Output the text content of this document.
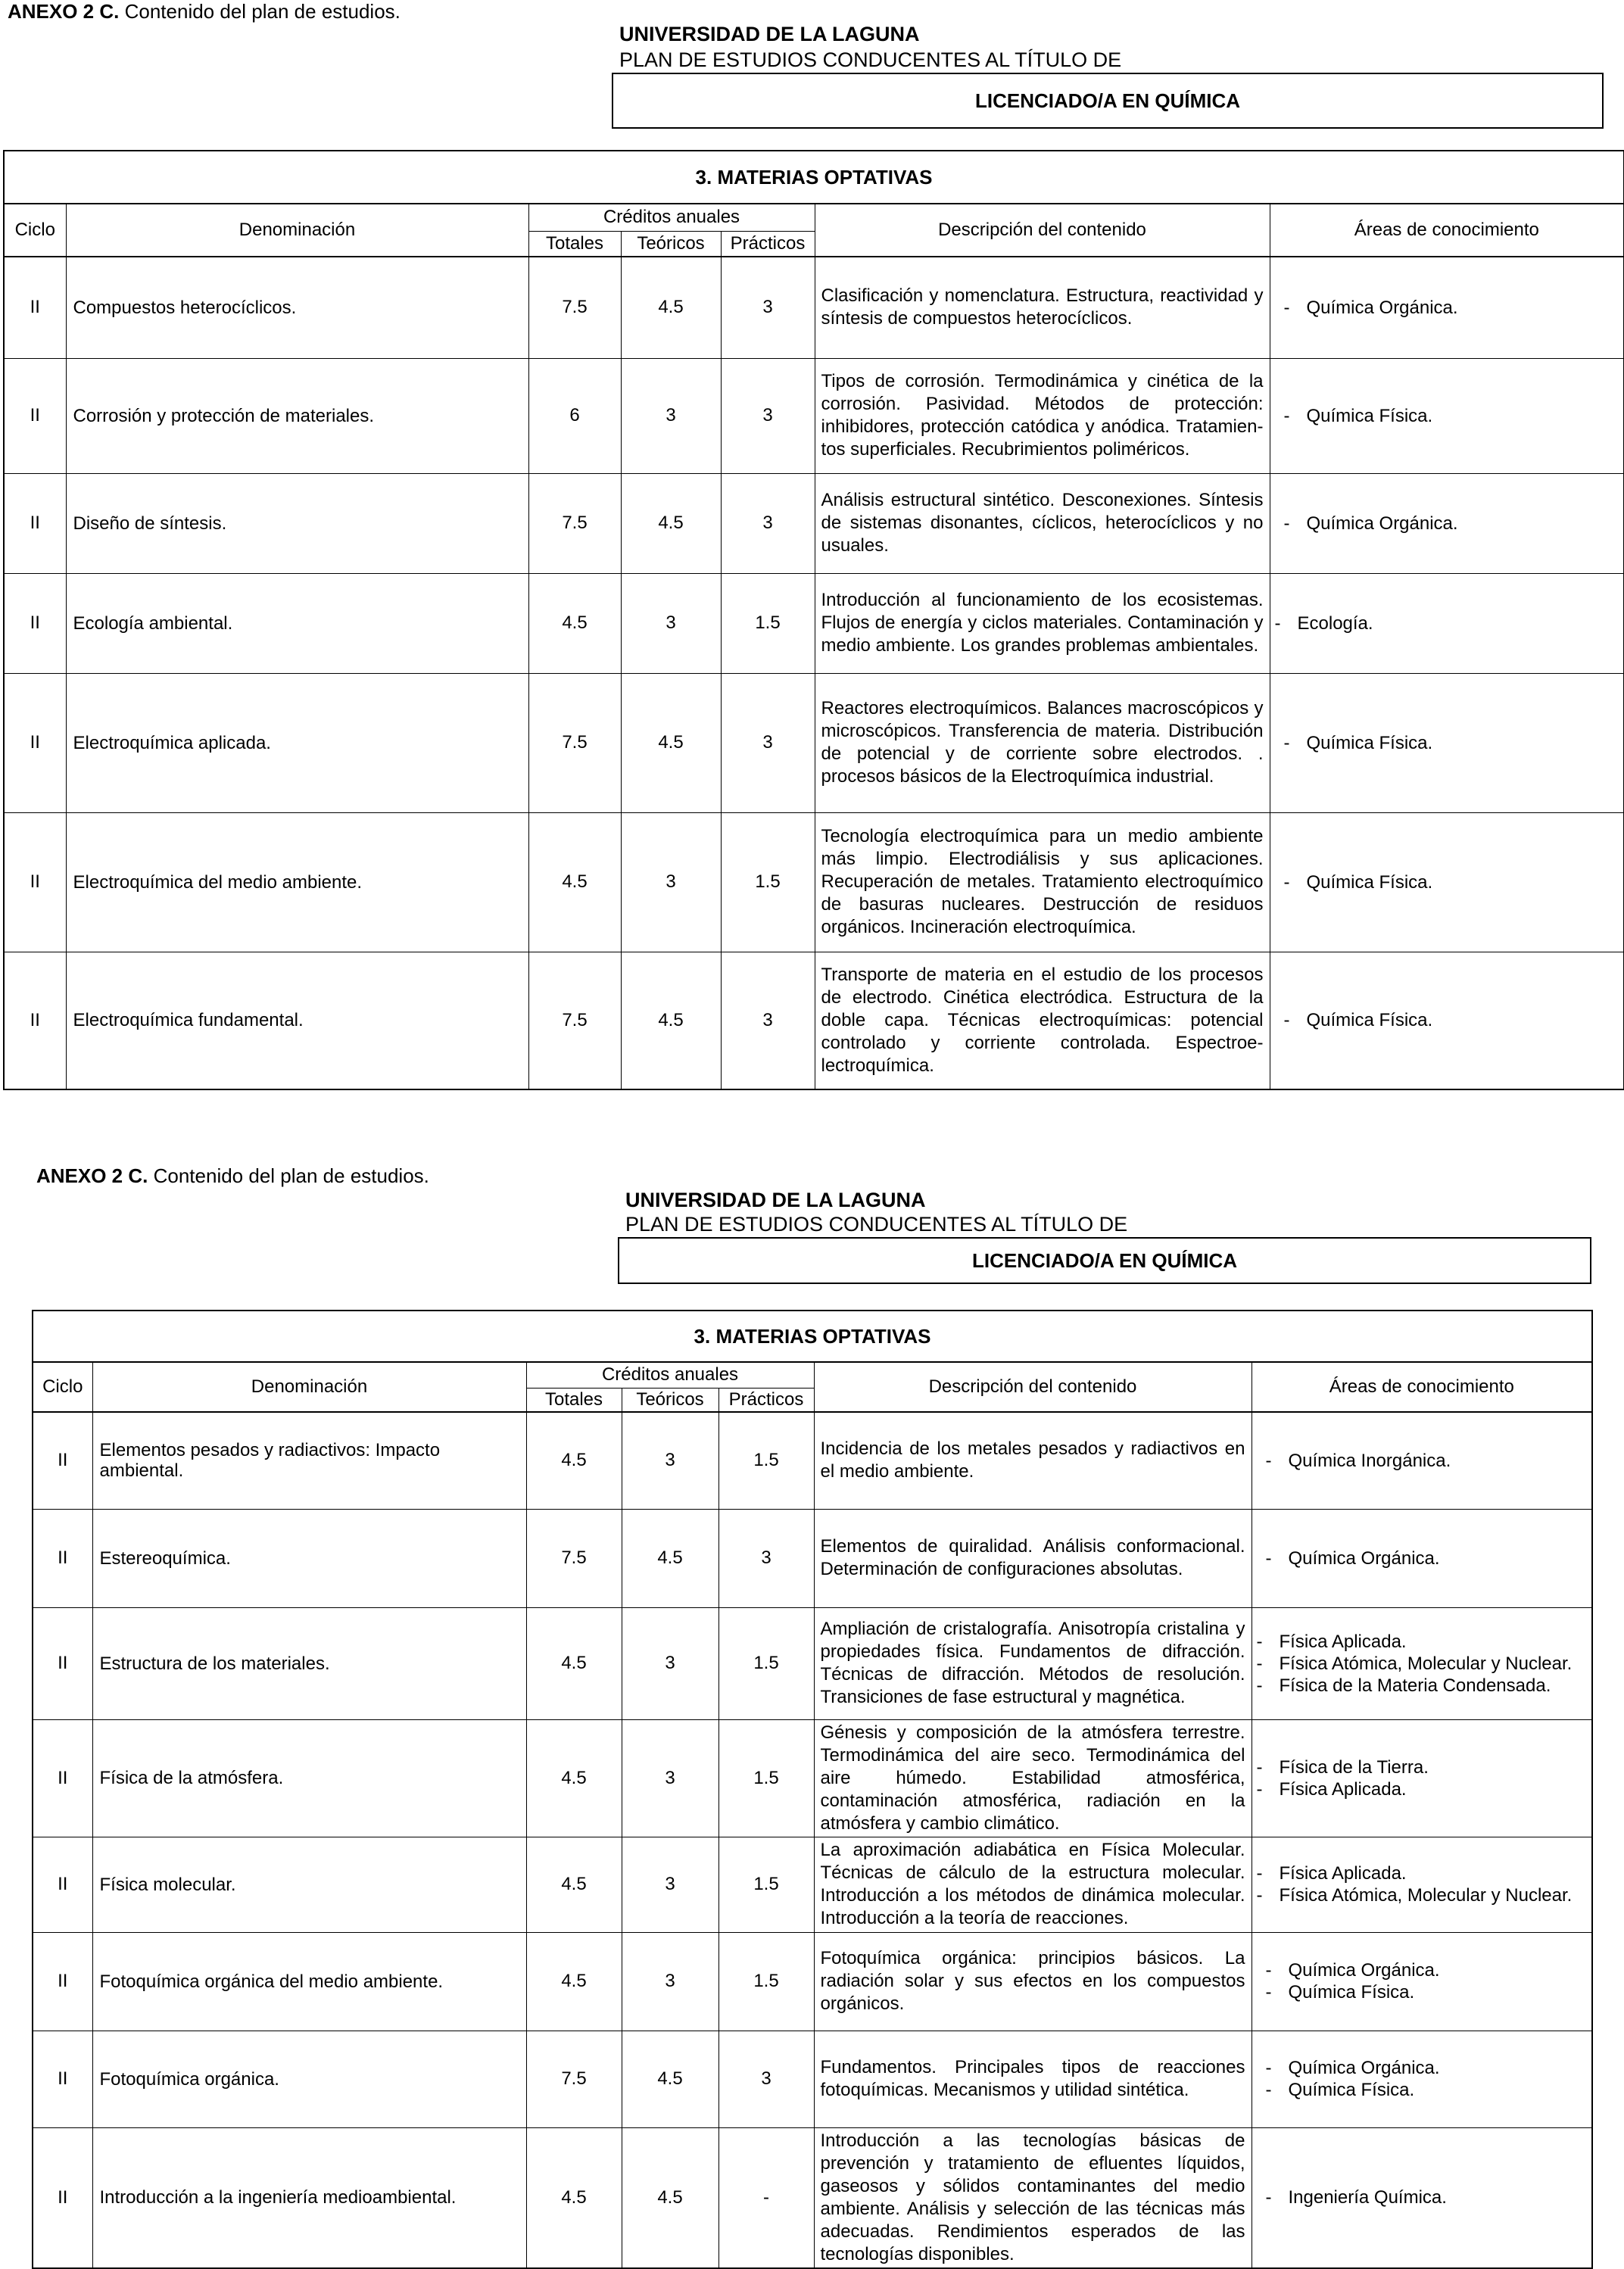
ANEXO 2 C. Contenido del plan de estudios.
UNIVERSIDAD DE LA LAGUNA
PLAN DE ESTUDIOS CONDUCENTES AL TÍTULO DE
LICENCIADO/A EN QUÍMICA
3. MATERIAS OPTATIVAS						
Ciclo	Denominación	Créditos anuales			Descripción del contenido	Áreas de conocimiento
		Totales	Teóricos	Prácticos		
II	Compuestos heterocíclicos.	7.5	4.5	3	Clasificación y nomenclatura. Estructura, reactividad y síntesis de compuestos heterocíclicos.	- Química Orgánica.

II	Corrosión y protección de materiales.	6	3	3	Tipos de corrosión. Termodinámica y cinética de la corrosión. Pasividad. Métodos de protección: inhibidores, protección catódica y anódica. Tratamien-tos superficiales. Recubrimientos poliméricos.	- Química Física.

II	Diseño de síntesis.	7.5	4.5	3	Análisis estructural sintético. Desconexiones. Síntesis de sistemas disonantes, cíclicos, heterocíclicos y no usuales.	- Química Orgánica.

II	Ecología ambiental.	4.5	3	1.5	Introducción al funcionamiento de los ecosistemas. Flujos de energía y ciclos materiales. Contaminación y medio ambiente. Los grandes problemas ambientales.	- Ecología.

II	Electroquímica aplicada.	7.5	4.5	3	Reactores electroquímicos. Balances macroscópicos y microscópicos. Transferencia de materia. Distribución de potencial y de corriente sobre electrodos. . procesos básicos de la Electroquímica industrial.	- Química Física.

II	Electroquímica del medio ambiente.	4.5	3	1.5	Tecnología electroquímica para un medio ambiente más limpio. Electrodiálisis y sus aplicaciones. Recuperación de metales. Tratamiento electroquímico de basuras nucleares. Destrucción de residuos orgánicos. Incineración electroquímica.	- Química Física.

II	Electroquímica fundamental.	7.5	4.5	3	Transporte de materia en el estudio de los procesos de electrodo. Cinética electródica. Estructura de la doble capa. Técnicas electroquímicas: potencial controlado y corriente controlada. Espectroe-lectroquímica.	- Química Física.
ANEXO 2 C. Contenido del plan de estudios.
UNIVERSIDAD DE LA LAGUNA
PLAN DE ESTUDIOS CONDUCENTES AL TÍTULO DE
LICENCIADO/A EN QUÍMICA
3. MATERIAS OPTATIVAS						
Ciclo	Denominación	Créditos anuales			Descripción del contenido	Áreas de conocimiento
		Totales	Teóricos	Prácticos		
II	Elementos pesados y radiactivos: Impacto ambiental.	4.5	3	1.5	Incidencia de los metales pesados y radiactivos en el medio ambiente.	- Química Inorgánica.

II	Estereoquímica.	7.5	4.5	3	Elementos de quiralidad. Análisis conformacional. Determinación de configuraciones absolutas.	- Química Orgánica.

II	Estructura de los materiales.	4.5	3	1.5	Ampliación de cristalografía. Anisotropía cristalina y propiedades física. Fundamentos de difracción. Técnicas de difracción. Métodos de resolución. Transiciones de fase estructural y magnética.	- Física Aplicada.
- Física Atómica, Molecular y Nuclear.
- Física de la Materia Condensada.

II	Física de la atmósfera.	4.5	3	1.5	Génesis y composición de la atmósfera terrestre. Termodinámica del aire seco. Termodinámica del aire húmedo. Estabilidad atmosférica, contaminación atmosférica, radiación en la atmósfera y cambio climático.	- Física de la Tierra.
- Física Aplicada.

II	Física molecular.	4.5	3	1.5	La aproximación adiabática en Física Molecular. Técnicas de cálculo de la estructura molecular. Introducción a los métodos de dinámica molecular. Introducción a la teoría de reacciones.	- Física Aplicada.
- Física Atómica, Molecular y Nuclear.

II	Fotoquímica orgánica del medio ambiente.	4.5	3	1.5	Fotoquímica orgánica: principios básicos. La radiación solar y sus efectos en los compuestos orgánicos.	- Química Orgánica.
- Química Física.

II	Fotoquímica orgánica.	7.5	4.5	3	Fundamentos. Principales tipos de reacciones fotoquímicas. Mecanismos y utilidad sintética.	- Química Orgánica.
- Química Física.

II	Introducción a la ingeniería medioambiental.	4.5	4.5	-	Introducción a las tecnologías básicas de prevención y tratamiento de efluentes líquidos, gaseosos y sólidos contaminantes del medio ambiente. Análisis y selección de las técnicas más adecuadas. Rendimientos esperados de las tecnologías disponibles.	- Ingeniería Química.
